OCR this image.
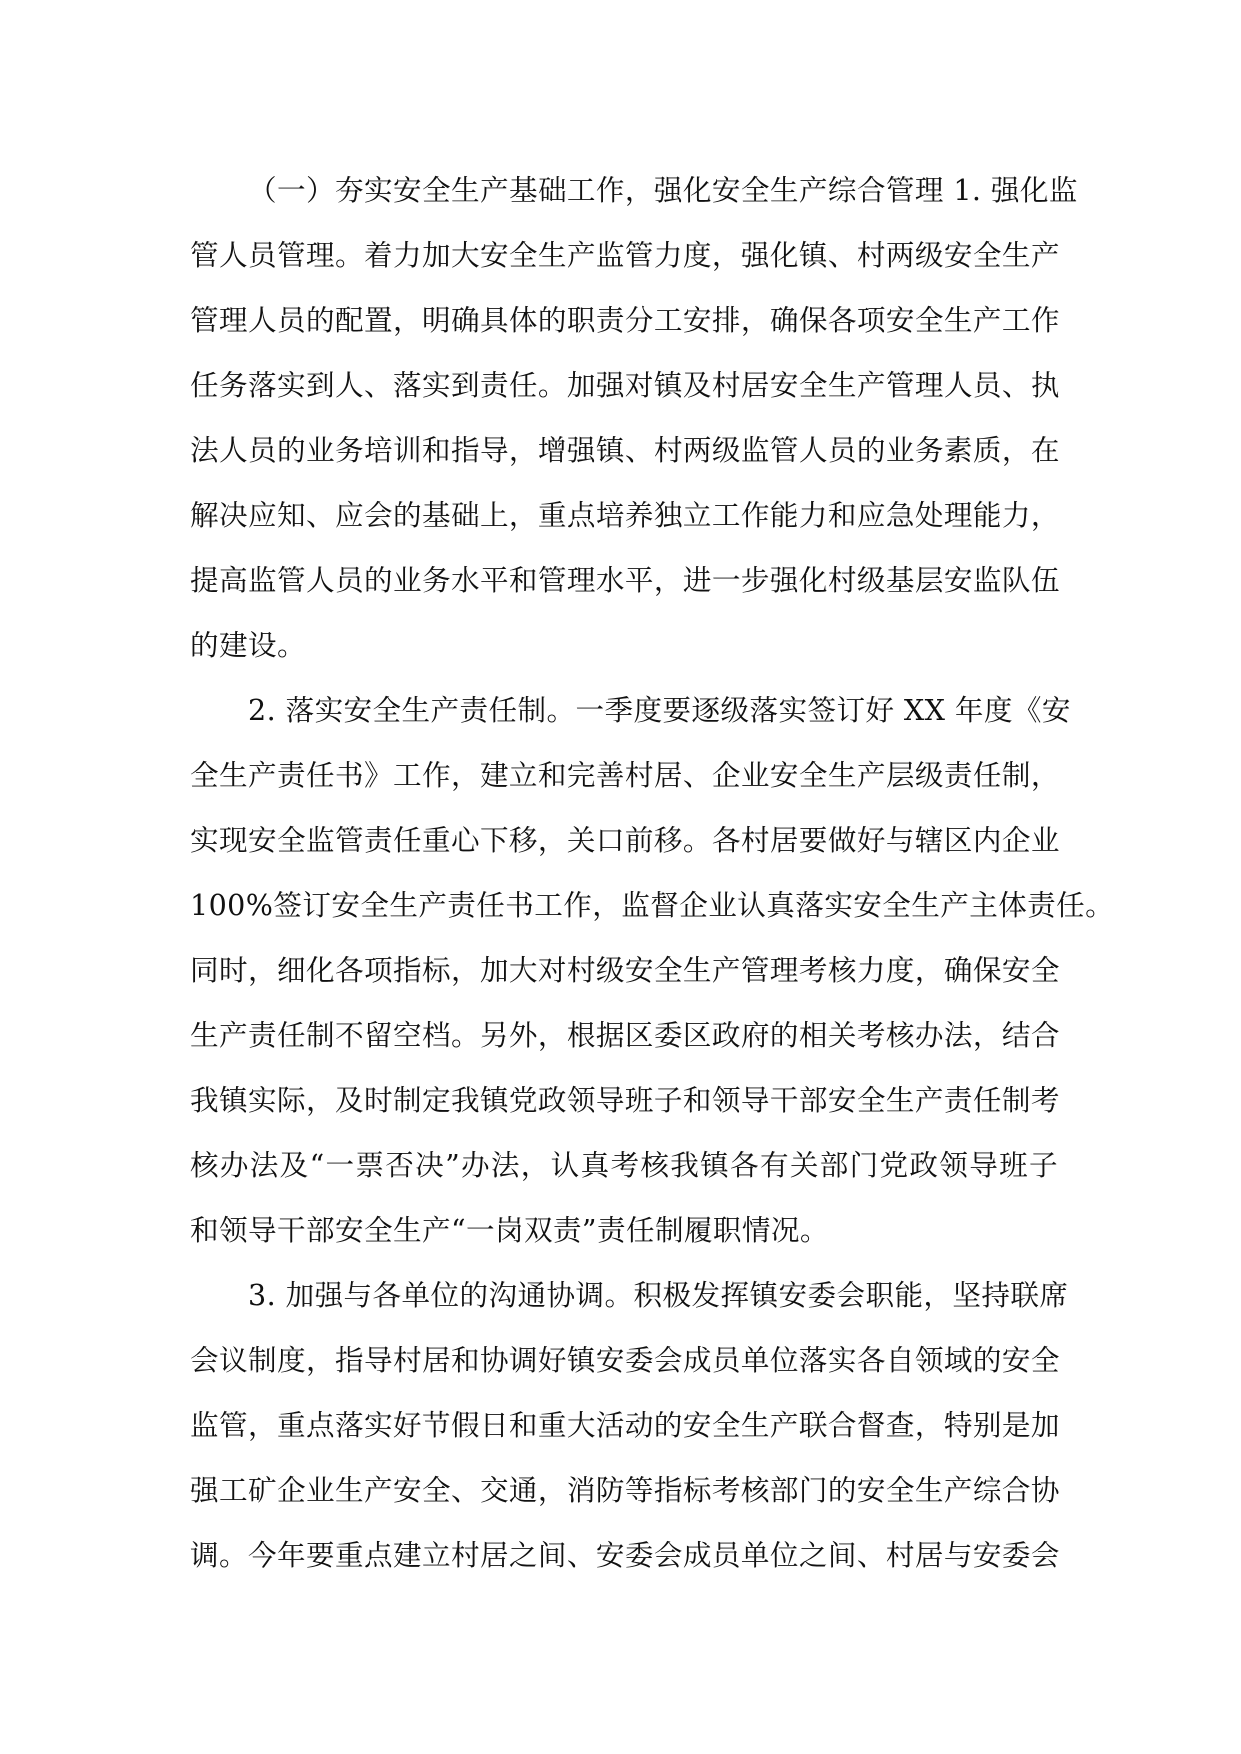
（一）夯实安全生产基础工作，强化安全生产综合管理 1. 强化监
管人员管理。着力加大安全生产监管力度，强化镇、村两级安全生产
管理人员的配置，明确具体的职责分工安排，确保各项安全生产工作
任务落实到人、落实到责任。加强对镇及村居安全生产管理人员、执
法人员的业务培训和指导，增强镇、村两级监管人员的业务素质，在
解决应知、应会的基础上，重点培养独立工作能力和应急处理能力，
提高监管人员的业务水平和管理水平，进一步强化村级基层安监队伍
的建设。
2. 落实安全生产责任制。一季度要逐级落实签订好 XX 年度《安
全生产责任书》工作，建立和完善村居、企业安全生产层级责任制，
实现安全监管责任重心下移，关口前移。各村居要做好与辖区内企业
100%签订安全生产责任书工作，监督企业认真落实安全生产主体责任。
同时，细化各项指标，加大对村级安全生产管理考核力度，确保安全
生产责任制不留空档。另外，根据区委区政府的相关考核办法，结合
我镇实际，及时制定我镇党政领导班子和领导干部安全生产责任制考
核办法及“一票否决”办法，认真考核我镇各有关部门党政领导班子
和领导干部安全生产“一岗双责”责任制履职情况。
3. 加强与各单位的沟通协调。积极发挥镇安委会职能，坚持联席
会议制度，指导村居和协调好镇安委会成员单位落实各自领域的安全
监管，重点落实好节假日和重大活动的安全生产联合督查，特别是加
强工矿企业生产安全、交通，消防等指标考核部门的安全生产综合协
调。今年要重点建立村居之间、安委会成员单位之间、村居与安委会
